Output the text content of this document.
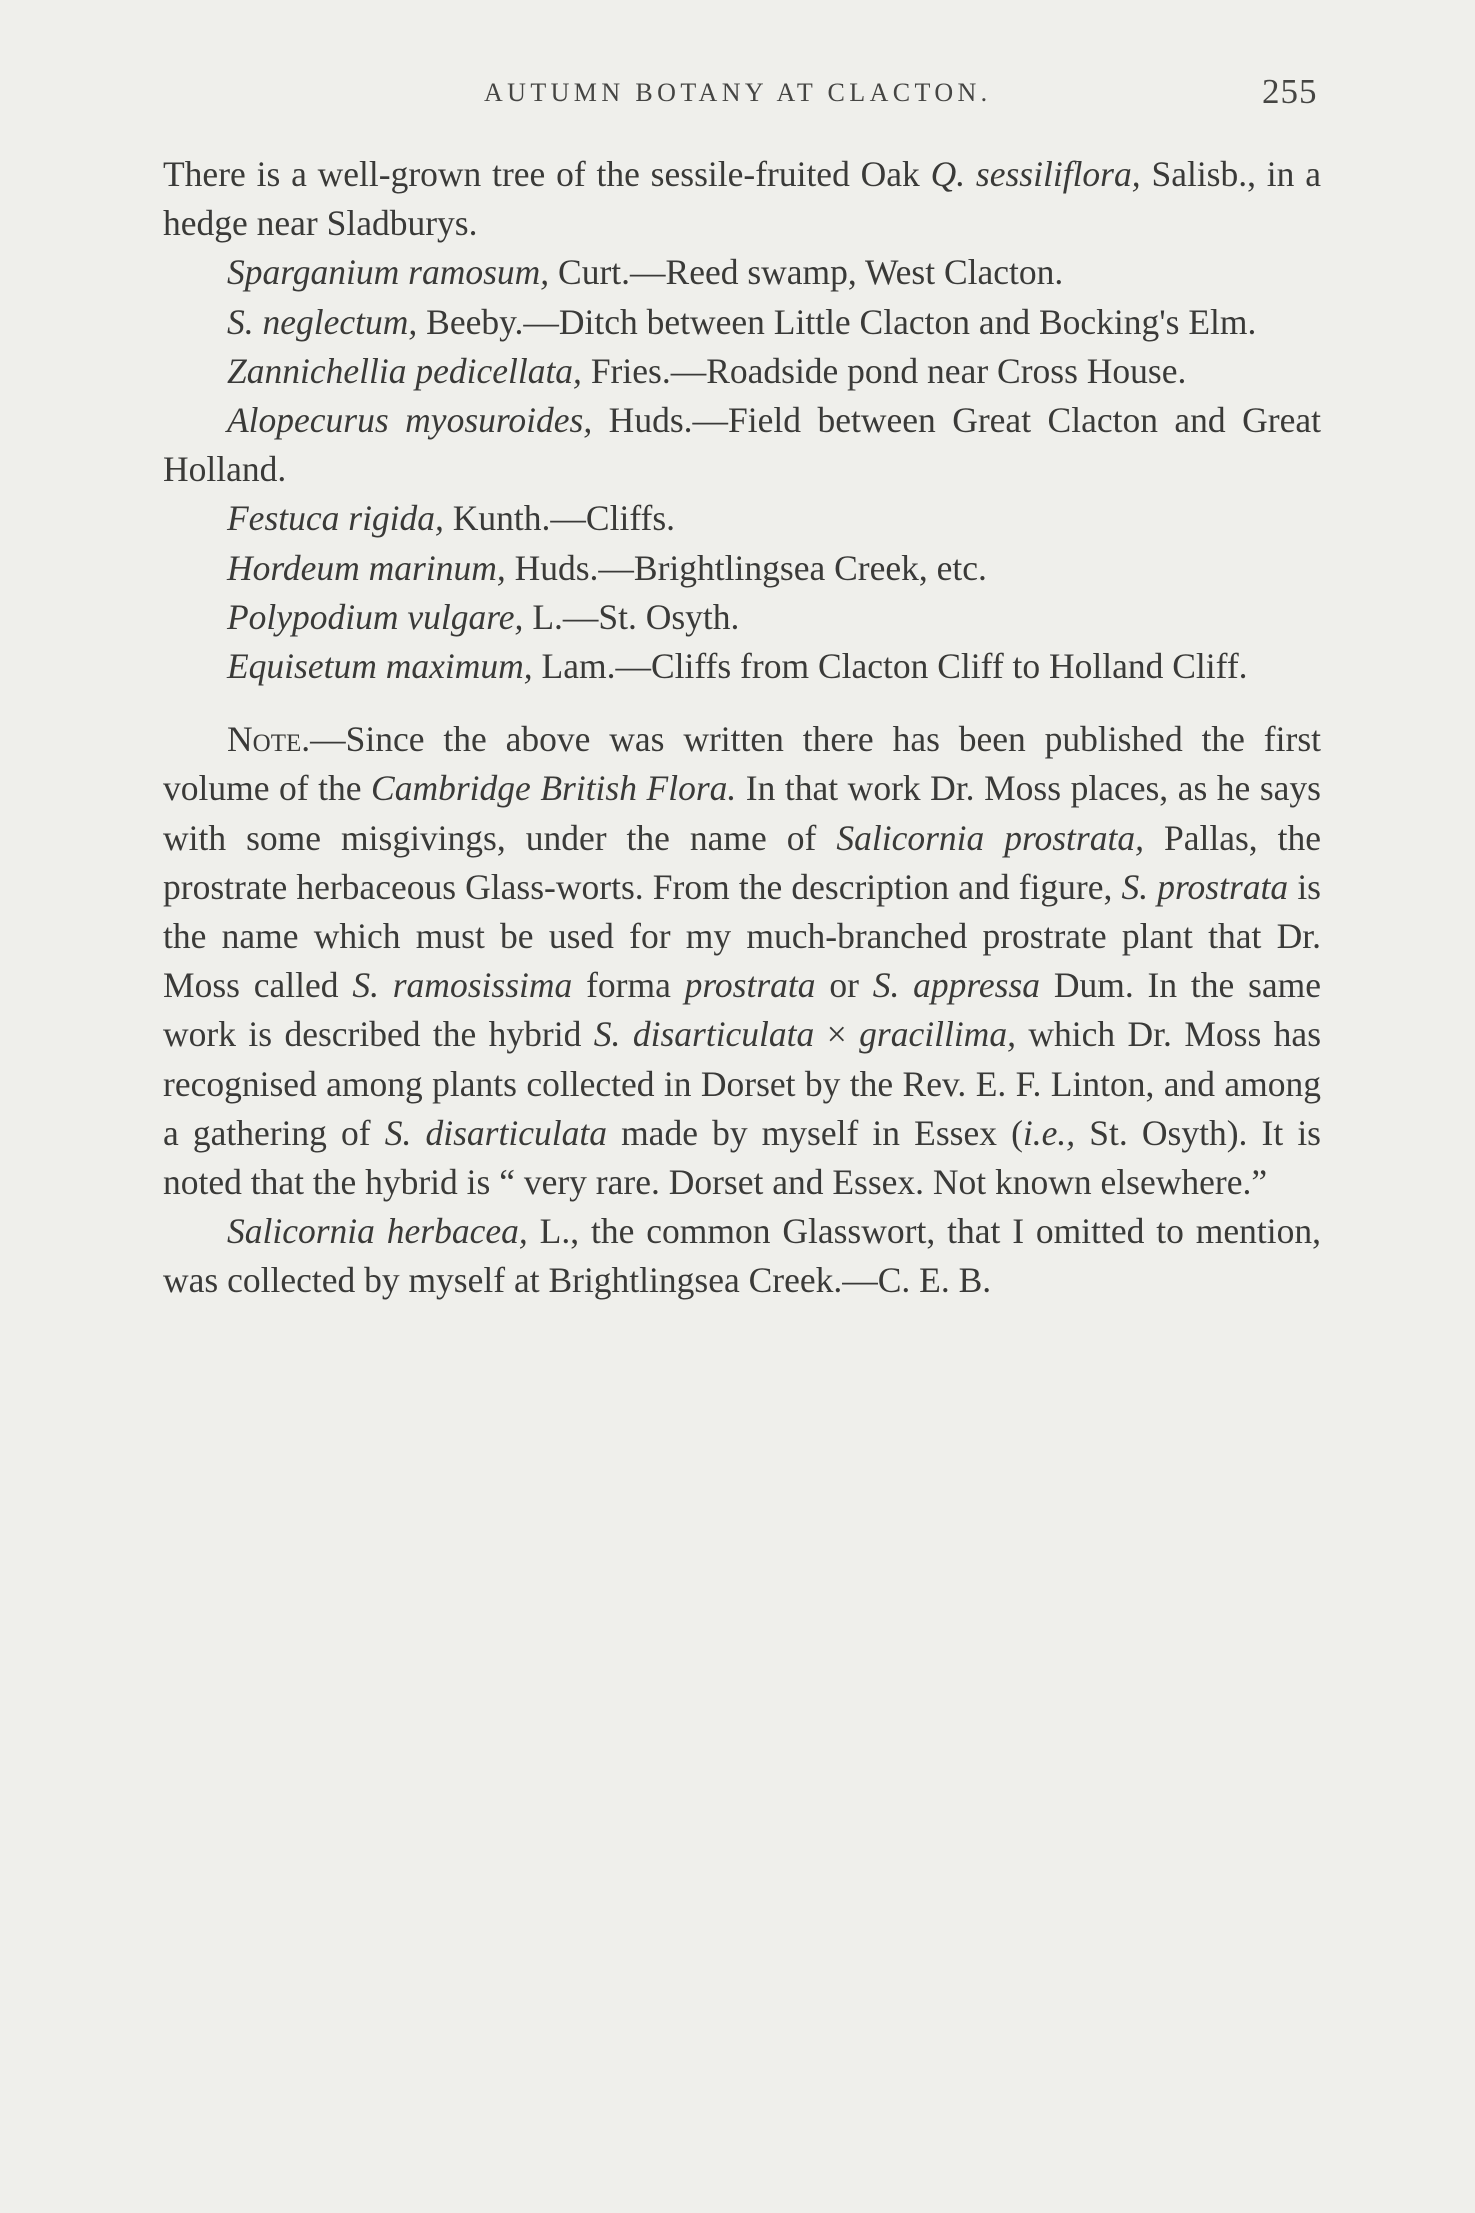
AUTUMN BOTANY AT CLACTON.	255

There is a well-grown tree of the sessile-fruited Oak Q. sessiliflora, Salisb., in a hedge near Sladburys.

Sparganium ramosum, Curt.—Reed swamp, West Clacton.

S. neglectum, Beeby.—Ditch between Little Clacton and Bocking's Elm.

Zannichellia pedicellata, Fries.—Roadside pond near Cross House.

Alopecurus myosuroides, Huds.—Field between Great Clacton and Great Holland.

Festuca rigida, Kunth.—Cliffs.

Hordeum marinum, Huds.—Brightlingsea Creek, etc.

Polypodium vulgare, L.—St. Osyth.

Equisetum maximum, Lam.—Cliffs from Clacton Cliff to Holland Cliff.

Note.—Since the above was written there has been published the first volume of the Cambridge British Flora. In that work Dr. Moss places, as he says with some misgivings, under the name of Salicornia prostrata, Pallas, the prostrate herbaceous Glass-worts. From the description and figure, S. prostrata is the name which must be used for my much-branched prostrate plant that Dr. Moss called S. ramosissima forma prostrata or S. appressa Dum. In the same work is described the hybrid S. disarticulata × gracillima, which Dr. Moss has recognised among plants collected in Dorset by the Rev. E. F. Linton, and among a gathering of S. disarticulata made by myself in Essex (i.e., St. Osyth). It is noted that the hybrid is “ very rare. Dorset and Essex. Not known elsewhere.”

Salicornia herbacea, L., the common Glasswort, that I omitted to mention, was collected by myself at Brightlingsea Creek.—C. E. B.
